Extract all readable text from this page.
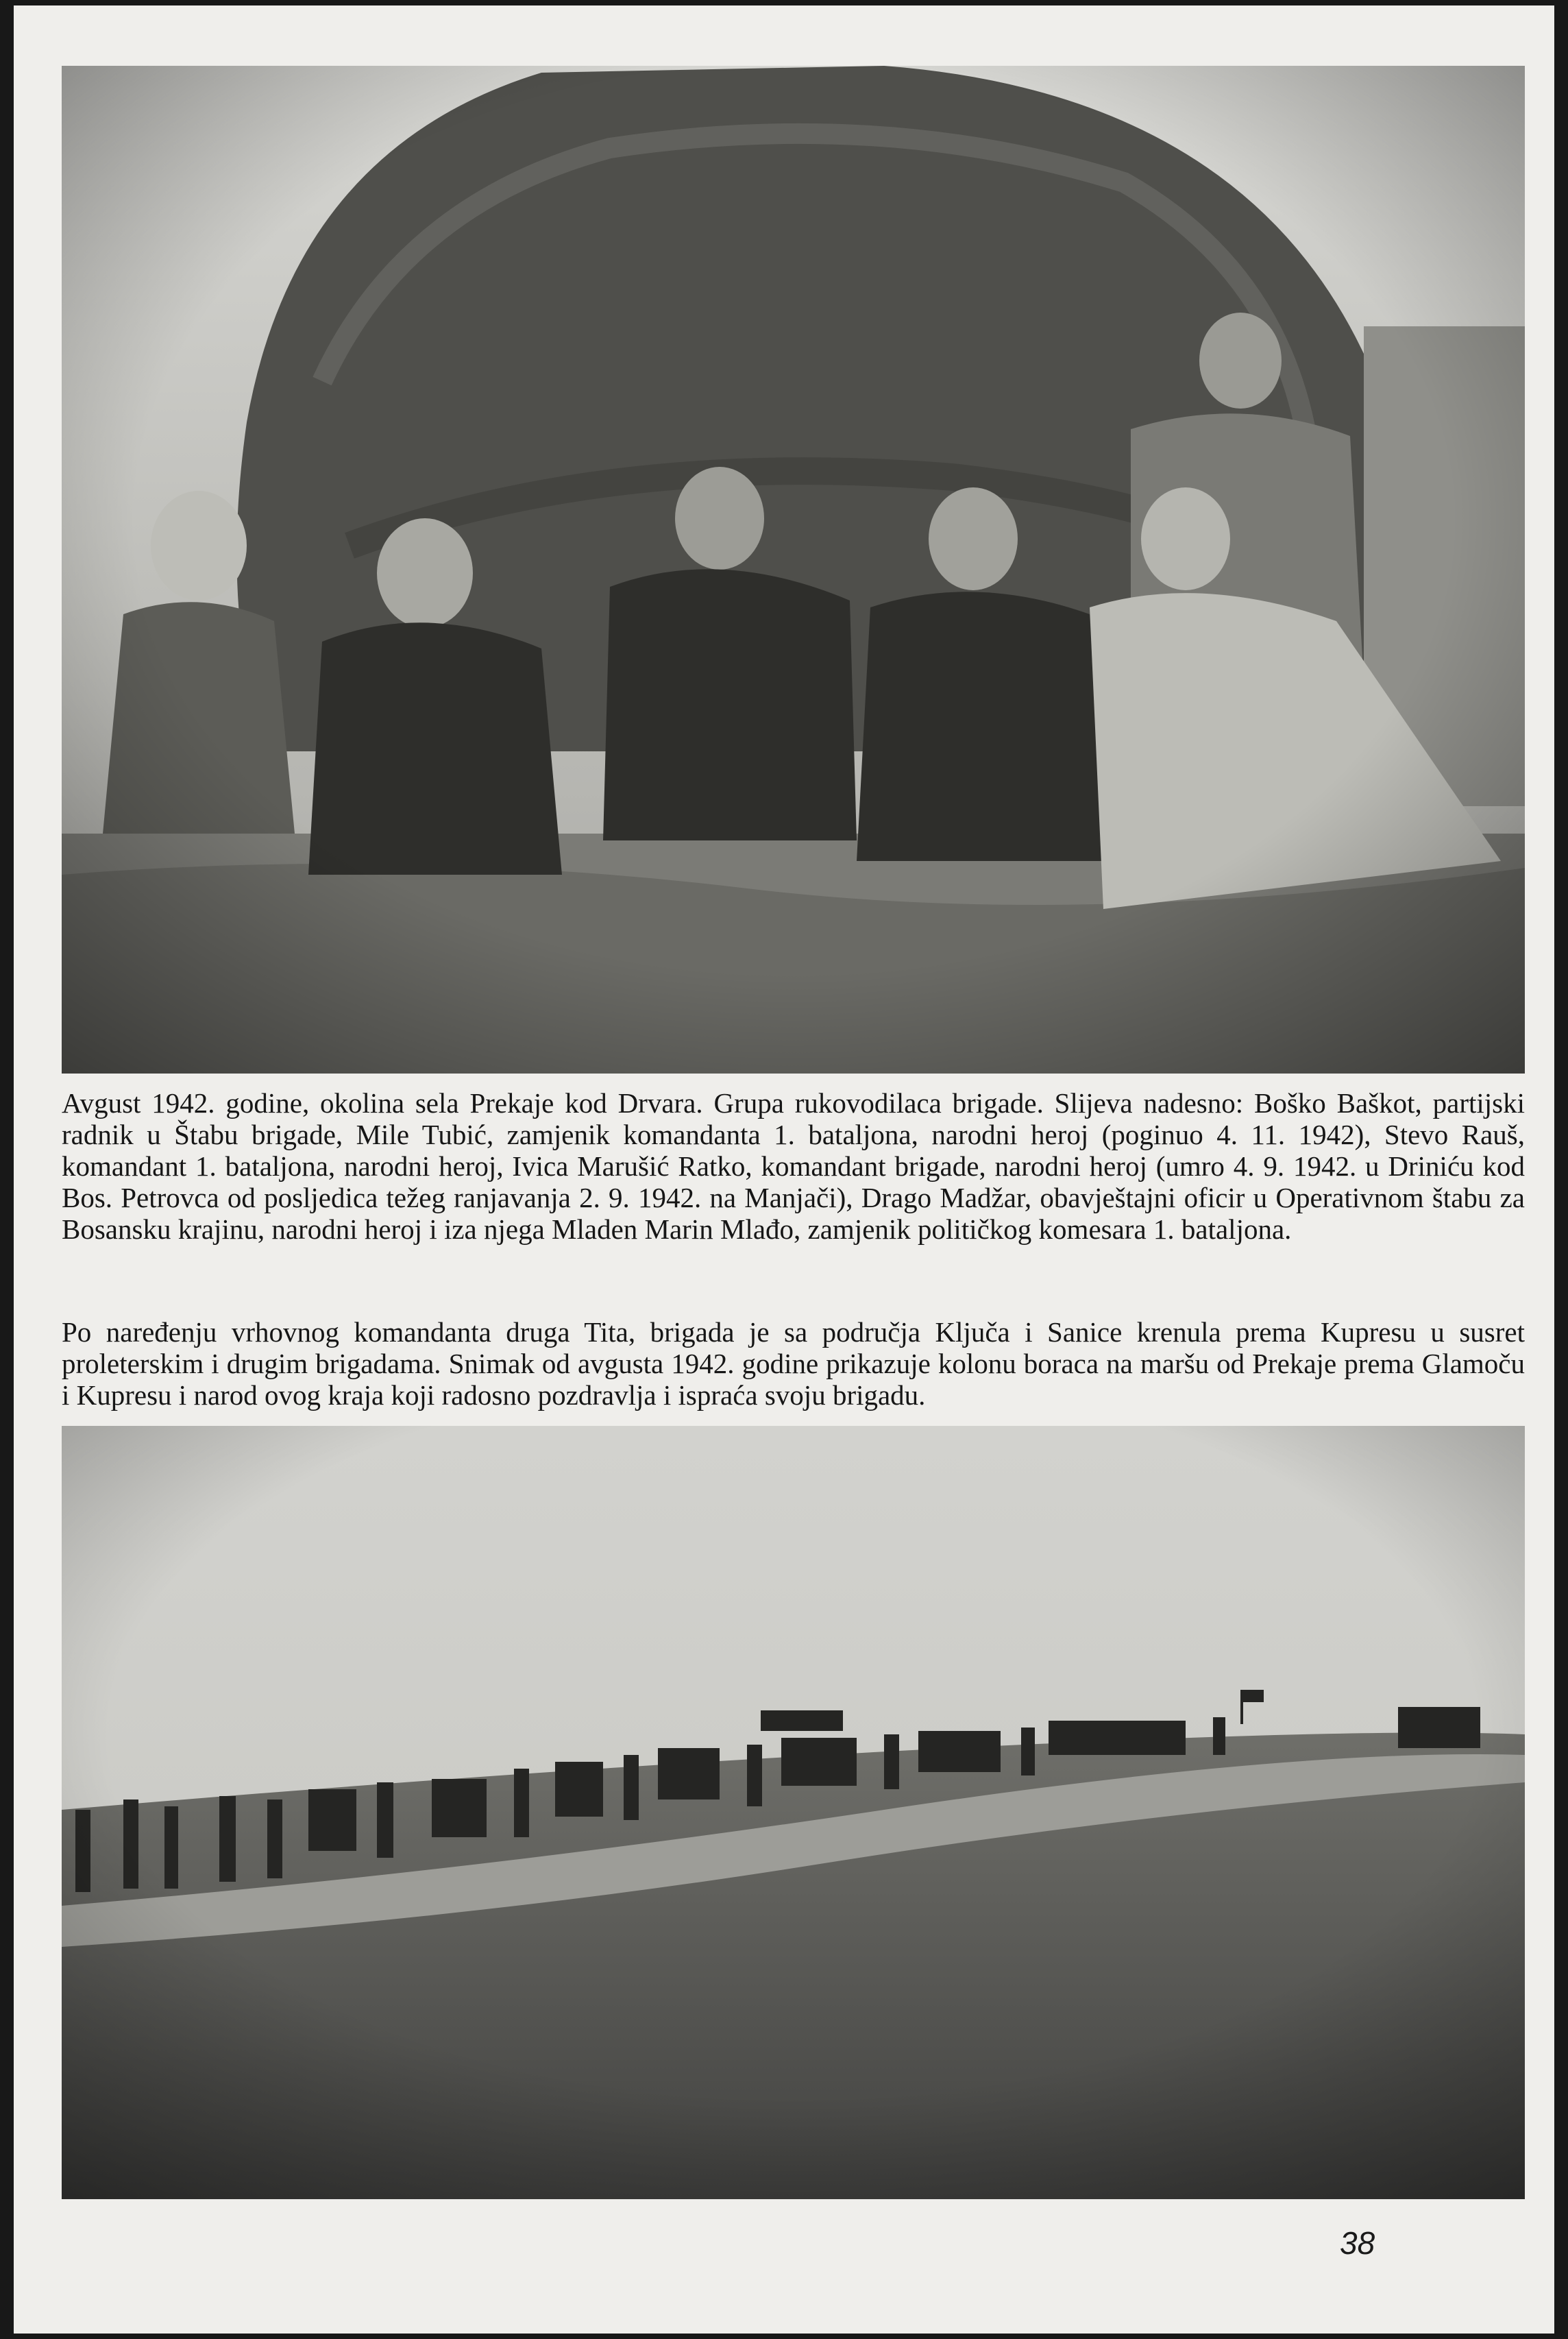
Avgust 1942. godine, okolina sela Prekaje kod Drvara. Grupa rukovodilaca brigade. Slijeva nadesno: Boško Baškot, partijski radnik u Štabu brigade, Mile Tubić, zamjenik komandanta 1. bataljona, narodni heroj (poginuo 4. 11. 1942), Stevo Rauš, komandant 1. bataljona, narodni heroj, Ivica Marušić Ratko, komandant brigade, narodni heroj (umro 4. 9. 1942. u Driniću kod Bos. Petrovca od posljedica težeg ranjavanja 2. 9. 1942. na Manjači), Drago Madžar, obavještajni oficir u Operativnom štabu za Bosansku krajinu, narodni heroj i iza njega Mladen Marin Mlađo, zamjenik političkog komesara 1. bataljona.

Po naređenju vrhovnog komandanta druga Tita, brigada je sa područja Ključa i Sanice krenula prema Kupresu u susret proleterskim i drugim brigadama. Snimak od avgusta 1942. godine prikazuje kolonu boraca na maršu od Prekaje prema Glamoču i Kupresu i narod ovog kraja koji radosno pozdravlja i ispraća svoju brigadu.

38
